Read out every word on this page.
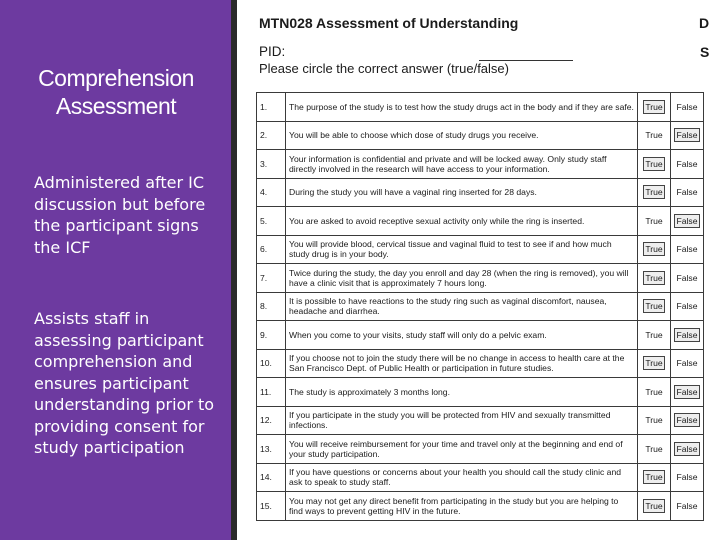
Comprehension
Assessment
Administered after IC discussion but before the participant signs the ICF
Assists staff in assessing participant comprehension and ensures participant understanding prior to providing consent for study participation
MTN028 Assessment of Understanding	D
PID:	S
Please circle the correct answer (true/false)
1.	The purpose of the study is to test how the study drugs act in the body and if they are safe.	True	False
2.	You will be able to choose which dose of study drugs you receive.	True	False
3.	Your information is confidential and private and will be locked away. Only study staff directly involved in the research will have access to your information.	True	False
4.	During the study you will have a vaginal ring inserted for 28 days.	True	False
5.	You are asked to avoid receptive sexual activity only while the ring is inserted.	True	False
6.	You will provide blood, cervical tissue and vaginal fluid to test to see if and how much study drug is in your body.	True	False
7.	Twice during the study, the day you enroll and day 28 (when the ring is removed), you will have a clinic visit that is approximately 7 hours long.	True	False
8.	It is possible to have reactions to the study ring such as vaginal discomfort, nausea, headache and diarrhea.	True	False
9.	When you come to your visits, study staff will only do a pelvic exam.	True	False
10.	If you choose not to join the study there will be no change in access to health care at the San Francisco Dept. of Public Health or participation in future studies.	True	False
11.	The study is approximately 3 months long.	True	False
12.	If you participate in the study you will be protected from HIV and sexually transmitted infections.	True	False
13.	You will receive reimbursement for your time and travel only at the beginning and end of your study participation.	True	False
14.	If you have questions or concerns about your health you should call the study clinic and ask to speak to study staff.	True	False
15.	You may not get any direct benefit from participating in the study but you are helping to find ways to prevent getting HIV in the future.	True	False
